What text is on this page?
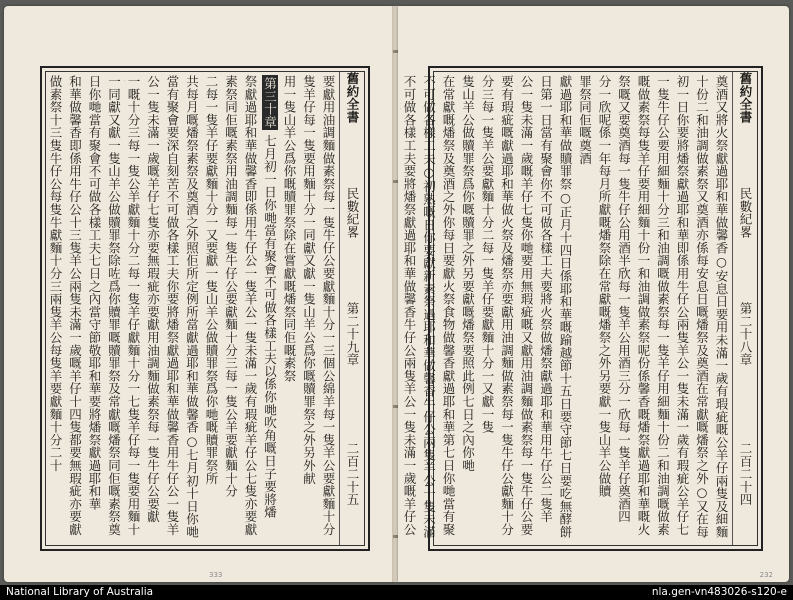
舊約全書
民數紀畧
第二十九章
二百二十五
要獻用油調麵做素祭每一隻牛仔公要獻麵十分一三個公綿羊每一隻羊公要獻麵十分
隻羊仔每一隻要用麵十分一同獻又獻一隻山羊公爲你嘅贖罪祭之外另外献
用一隻山羊公爲你嘅贖罪祭除在嘗獻嘅燔祭同佢嘅素祭
第三十章 七月初一日你哋當有聚會不可做各樣工夫以係你哋吹角嘅日子要將燔
祭獻過耶和華做馨香即係用牛仔公一隻羊公一隻未滿一歲有瑕疵羊仔公七隻亦要獻
素祭同佢嘅素祭用油調麵每一隻牛仔公要獻麵十分三每一隻公羊要獻麵十分
二每一隻羊仔要獻麵十分一又要獻一隻山羊公做贖罪祭爲你哋嘅贖罪祭所
共每月嘅燔祭素祭及奠酒之外照佢所定例所當獻過耶和華做馨香○七月初十日你哋
當有聚會要深自刻苦不可做各樣工夫你要將燔祭獻過耶和華做馨香用牛仔公一隻羊
公一隻未滿一歲嘅羊仔七隻亦要無瑕疵亦要獻用油調麵做素祭每一隻牛仔公要獻
一嘅十分三每一隻公羊獻麵十分二每一隻羊仔獻麵十分一七隻羊仔每一隻要用麵十
一同獻又獻一隻山羊公做贖罪祭除咗爲你贖罪嘅贖罪祭及常獻嘅燔祭同佢嘅素祭奠
日你哋當有聚會不可做各樣工夫七日之內當守節敬耶和華要將燔祭獻過耶和華
和華做馨香即係用牛仔公十三隻羊公兩隻未滿一歲嘅羊仔十四隻都要無瑕疵亦要獻
做素祭十三隻牛仔公每隻牛獻麵十分三兩隻羊公每隻羊要獻麵十分二十
333
舊約全書
民數紀畧
第二十八章
二百二十四
奠酒又將火祭獻過耶和華做馨香○安息日要用未滿一歲有瑕疵嘅公羊仔兩隻及細麵
十份二和油調做素祭又奠酒亦係每安息日嘅燔祭及奠酒在常獻嘅燔祭之外○又在每
初一日你要將燔祭獻過耶和華即係用牛仔公兩隻羊公一隻未滿一歲有瑕疵公羊仔七
一隻牛仔公要用細麵十分三和油調嘅做素祭每一隻羊仔用細麵十份二和油調嘅做素
嘅做素祭每隻羊仔要用細麵十份一和油調做素祭呢份係馨香嘅燔祭獻過耶和華嘅火
祭嘅又要奠酒每一隻牛仔公用酒半欣每一隻羊公用酒三分一欣每一隻羊仔奠酒四
分一欣呢係一年每月所獻嘅燔祭除在常獻嘅燔祭之外另要獻一隻山羊公做贖
罪祭同佢嘅奠酒
獻過耶和華做贖罪祭○正月十四日係耶和華嘅踰越節十五日要守節七日要吃無酵餅
日第一日當有聚會你不可做各樣工夫要將火祭做燔祭獻過耶和華用牛仔公二隻羊
公一隻未滿一歲嘅羊仔七隻你哋要用無瑕疵嘅又獻用油調麵做素祭每一隻牛仔公要
要有瑕疵嘅獻過耶和華做火祭及燔祭亦要獻用油調麵做素祭每一隻牛仔公獻麵十分
分三每一隻羊公要獻麵十分二每一隻羊仔要獻麵十分一又獻一隻
隻山羊公做贖罪祭爲你嘅贖罪之外另要獻嘅燔祭要照此例七日之內你哋
在常獻嘅燔祭及奠酒之外你每日要獻火祭食物做馨香獻過耶和華第七日你哋當有聚
不可做各樣工夫○初熟嘅日你要獻新素祭過耶和華做馨香牛仔公兩隻羊公一隻未滿
不可做各樣工夫要將燔祭獻過耶和華做馨香牛仔公兩隻羊公一隻未滿一歲嘅羊仔公
232
National Library of Australia	nla.gen-vn483026-s120-e
